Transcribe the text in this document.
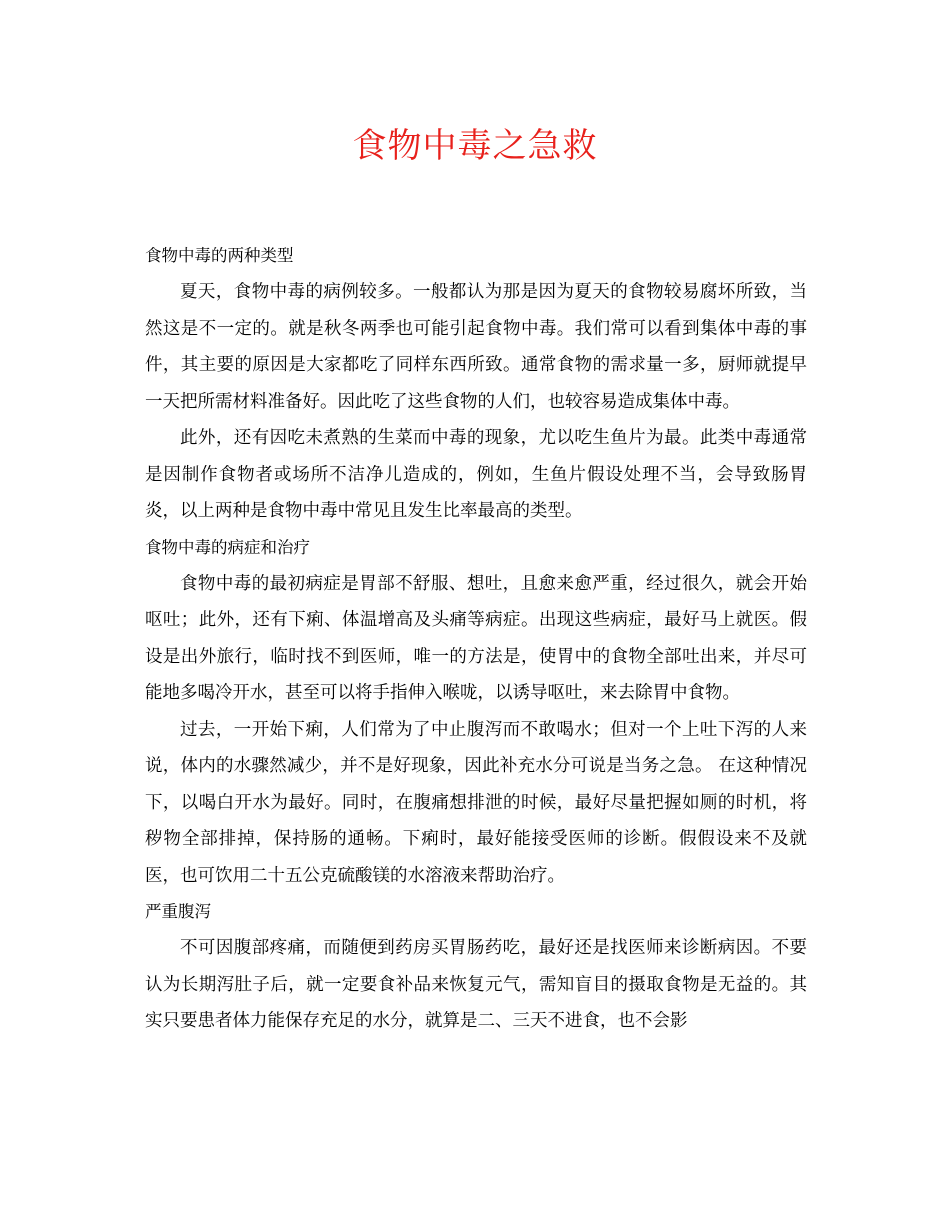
食物中毒之急救
食物中毒的两种类型

夏天，食物中毒的病例较多。一般都认为那是因为夏天的食物较易腐坏所致，当然这是不一定的。就是秋冬两季也可能引起食物中毒。我们常可以看到集体中毒的事件，其主要的原因是大家都吃了同样东西所致。通常食物的需求量一多，厨师就提早一天把所需材料准备好。因此吃了这些食物的人们，也较容易造成集体中毒。

此外，还有因吃未煮熟的生菜而中毒的现象，尤以吃生鱼片为最。此类中毒通常是因制作食物者或场所不洁净儿造成的，例如，生鱼片假设处理不当，会导致肠胃炎，以上两种是食物中毒中常见且发生比率最高的类型。

食物中毒的病症和治疗

食物中毒的最初病症是胃部不舒服、想吐，且愈来愈严重，经过很久，就会开始呕吐；此外，还有下痢、体温增高及头痛等病症。出现这些病症，最好马上就医。假设是出外旅行，临时找不到医师，唯一的方法是，使胃中的食物全部吐出来，并尽可能地多喝冷开水，甚至可以将手指伸入喉咙，以诱导呕吐，来去除胃中食物。

过去，一开始下痢，人们常为了中止腹泻而不敢喝水；但对一个上吐下泻的人来说，体内的水骤然减少，并不是好现象，因此补充水分可说是当务之急。 在这种情况下，以喝白开水为最好。同时，在腹痛想排泄的时候，最好尽量把握如厕的时机，将秽物全部排掉，保持肠的通畅。下痢时，最好能接受医师的诊断。假假设来不及就医，也可饮用二十五公克硫酸镁的水溶液来帮助治疗。

严重腹泻

不可因腹部疼痛，而随便到药房买胃肠药吃，最好还是找医师来诊断病因。不要认为长期泻肚子后，就一定要食补品来恢复元气，需知盲目的摄取食物是无益的。其实只要患者体力能保存充足的水分，就算是二、三天不进食，也不会影
